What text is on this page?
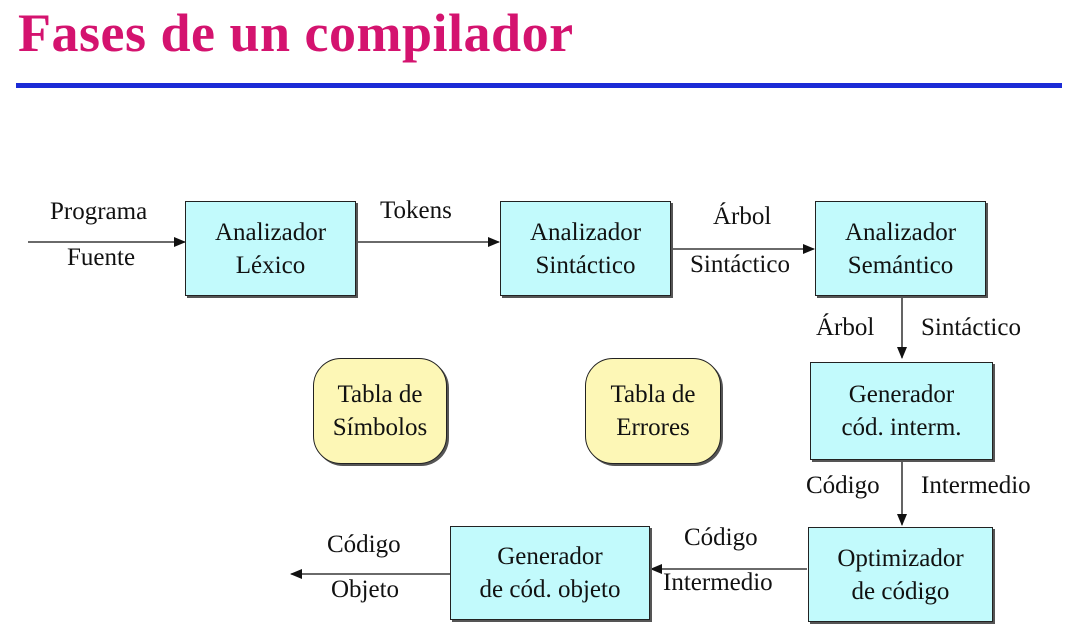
Fases de un compilador
Analizador
Léxico
Analizador
Sintáctico
Analizador
Semántico
Generador
cód. interm.
Optimizador
de código
Generador
de cód. objeto
Tabla de
Símbolos
Tabla de
Errores
Programa
Fuente
Tokens	Árbol
Sintáctico
Árbol Sintáctico
Código Intermedio
Código
Intermedio
Código
Objeto
